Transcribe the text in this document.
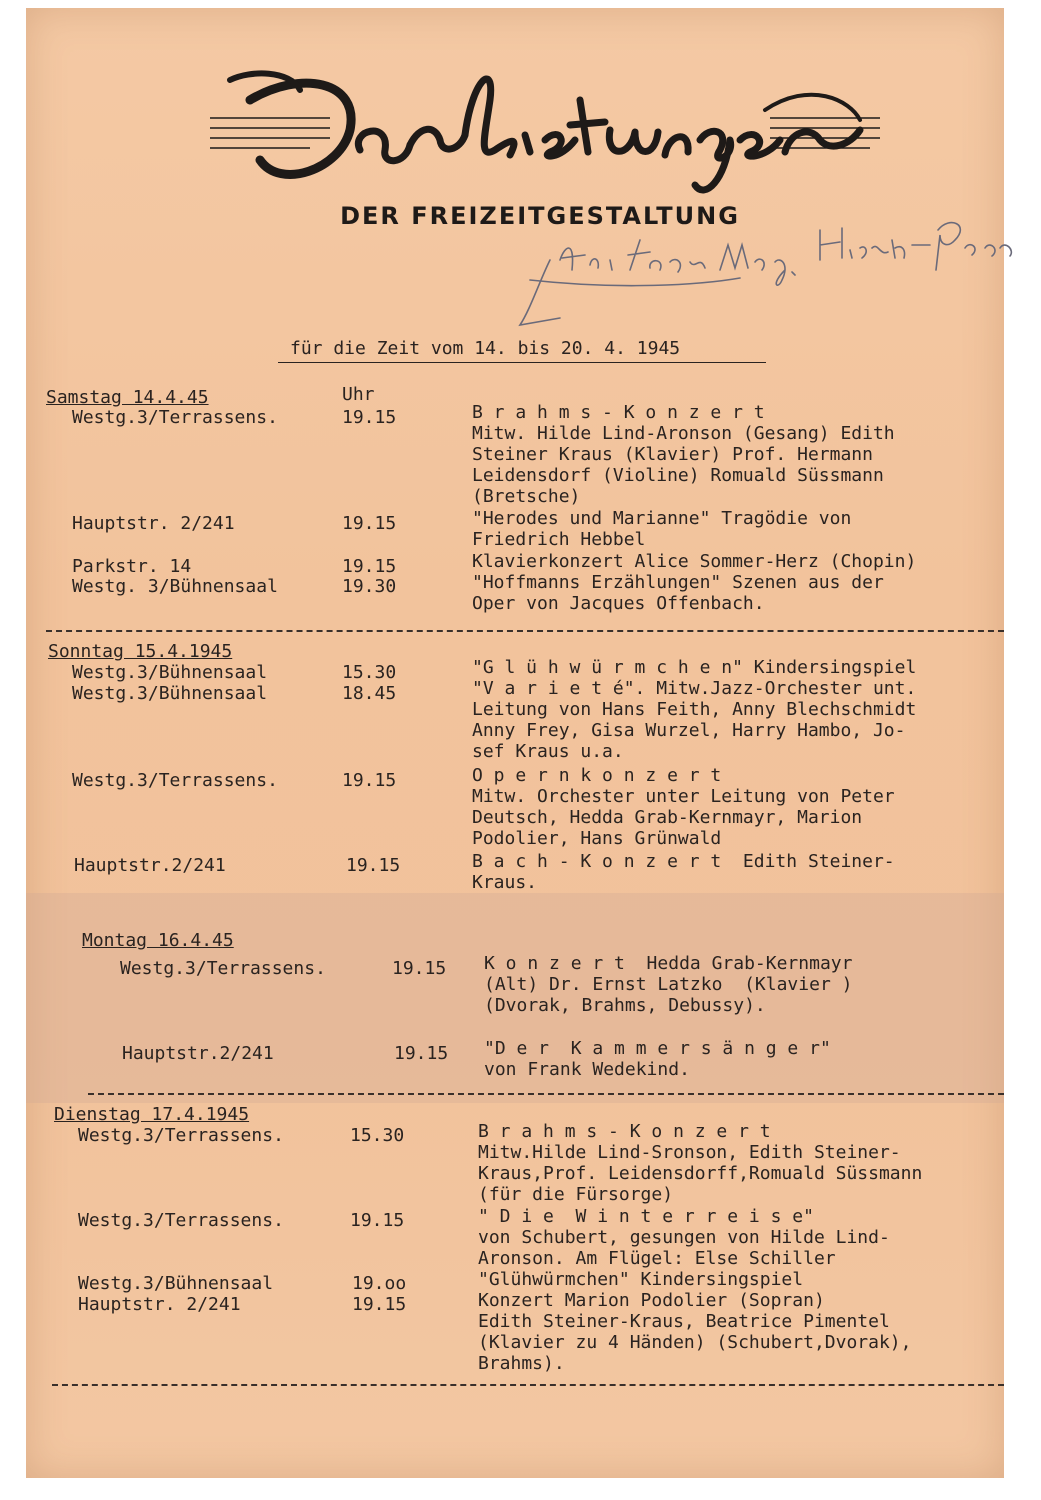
DER FREIZEITGESTALTUNG
für die Zeit vom 14. bis 20. 4. 1945
Uhr
Samstag 14.4.45
Westg.3/Terrassens.	19.15	B r a h m s - K o n z e r t
Mitw. Hilde Lind-Aronson (Gesang) Edith
Steiner Kraus (Klavier) Prof. Hermann
Leidensdorf (Violine) Romuald Süssmann
(Bretsche)
Hauptstr. 2/241	19.15	"Herodes und Marianne" Tragödie von
Friedrich Hebbel
Parkstr. 14	19.15	Klavierkonzert Alice Sommer-Herz (Chopin)
Westg. 3/Bühnensaal	19.30	"Hoffmanns Erzählungen" Szenen aus der
Oper von Jacques Offenbach.
Sonntag 15.4.1945
Westg.3/Bühnensaal	15.30	"G l ü h w ü r m c h e n" Kindersingspiel
Westg.3/Bühnensaal	18.45	"V a r i e t é". Mitw.Jazz-Orchester unt.
Leitung von Hans Feith, Anny Blechschmidt
Anny Frey, Gisa Wurzel, Harry Hambo, Jo-
sef Kraus u.a.
Westg.3/Terrassens.	19.15	O p e r n k o n z e r t
Mitw. Orchester unter Leitung von Peter
Deutsch, Hedda Grab-Kernmayr, Marion
Podolier, Hans Grünwald
Hauptstr.2/241	19.15	B a c h - K o n z e r t  Edith Steiner-
Kraus.
Montag 16.4.45
Westg.3/Terrassens.	19.15 K o n z e r t  Hedda Grab-Kernmayr
(Alt) Dr. Ernst Latzko  (Klavier )
(Dvorak, Brahms, Debussy).
Hauptstr.2/241	19.15 "D e r  K a m m e r s ä n g e r"
von Frank Wedekind.
Dienstag 17.4.1945
Westg.3/Terrassens.	15.30	B r a h m s - K o n z e r t
Mitw.Hilde Lind-Sronson, Edith Steiner-
Kraus,Prof. Leidensdorff,Romuald Süssmann
(für die Fürsorge)
Westg.3/Terrassens.	19.15	" D i e  W i n t e r r e i s e"
von Schubert, gesungen von Hilde Lind-
Aronson. Am Flügel: Else Schiller
Westg.3/Bühnensaal	19.oo	"Glühwürmchen" Kindersingspiel
Hauptstr. 2/241	19.15	Konzert Marion Podolier (Sopran)
Edith Steiner-Kraus, Beatrice Pimentel
(Klavier zu 4 Händen) (Schubert,Dvorak),
Brahms).
